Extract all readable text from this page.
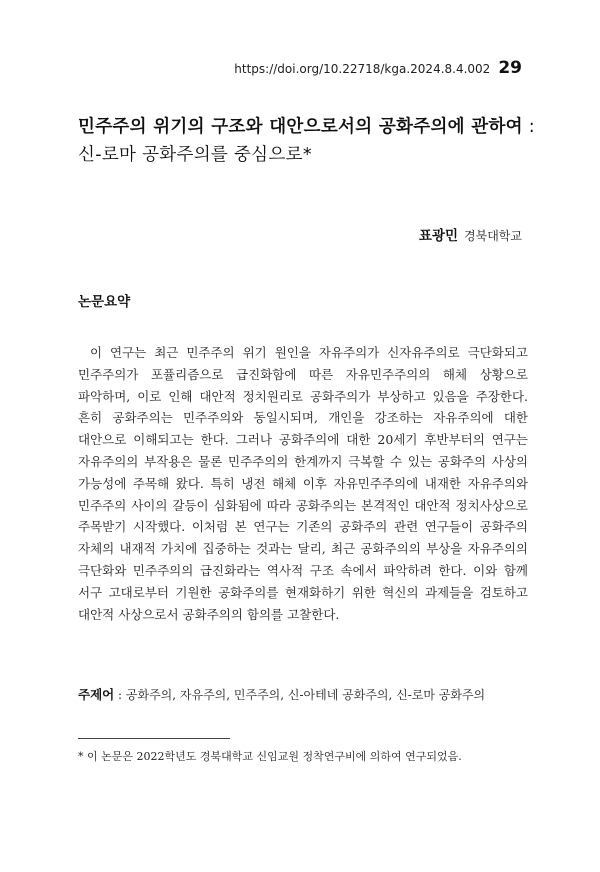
https://doi.org/10.22718/kga.2024.8.4.002 29
민주주의 위기의 구조와 대안으로서의 공화주의에 관하여 : 신-로마 공화주의를 중심으로*
표광민 경북대학교
논문요약

이 연구는 최근 민주주의 위기 원인을 자유주의가 신자유주의로 극단화되고 민주주의가 포퓰리즘으로 급진화함에 따른 자유민주주의의 해체 상황으로 파악하며, 이로 인해 대안적 정치원리로 공화주의가 부상하고 있음을 주장한다. 흔히 공화주의는 민주주의와 동일시되며, 개인을 강조하는 자유주의에 대한 대안으로 이해되고는 한다. 그러나 공화주의에 대한 20세기 후반부터의 연구는 자유주의의 부작용은 물론 민주주의의 한계까지 극복할 수 있는 공화주의 사상의 가능성에 주목해 왔다. 특히 냉전 해체 이후 자유민주주의에 내재한 자유주의와 민주주의 사이의 갈등이 심화됨에 따라 공화주의는 본격적인 대안적 정치사상으로 주목받기 시작했다. 이처럼 본 연구는 기존의 공화주의 관련 연구들이 공화주의 자체의 내재적 가치에 집중하는 것과는 달리, 최근 공화주의의 부상을 자유주의의 극단화와 민주주의의 급진화라는 역사적 구조 속에서 파악하려 한다. 이와 함께 서구 고대로부터 기원한 공화주의를 현재화하기 위한 혁신의 과제들을 검토하고 대안적 사상으로서 공화주의의 함의를 고찰한다.

주제어 : 공화주의, 자유주의, 민주주의, 신-아테네 공화주의, 신-로마 공화주의
* 이 논문은 2022학년도 경북대학교 신임교원 정착연구비에 의하여 연구되었음.
